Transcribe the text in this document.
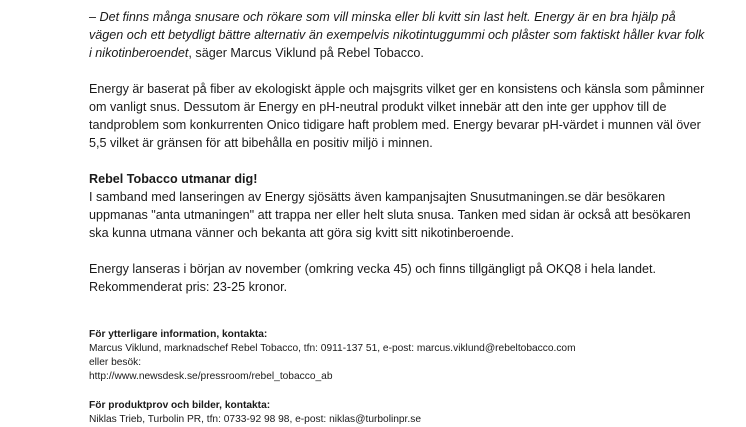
– Det finns många snusare och rökare som vill minska eller bli kvitt sin last helt. Energy är en bra hjälp på vägen och ett betydligt bättre alternativ än exempelvis nikotintuggummi och plåster som faktiskt håller kvar folk i nikotinberoendet, säger Marcus Viklund på Rebel Tobacco.

Energy är baserat på fiber av ekologiskt äpple och majsgrits vilket ger en konsistens och känsla som påminner om vanligt snus. Dessutom är Energy en pH-neutral produkt vilket innebär att den inte ger upphov till de tandproblem som konkurrenten Onico tidigare haft problem med. Energy bevarar pH-värdet i munnen väl över 5,5 vilket är gränsen för att bibehålla en positiv miljö i minnen.

Rebel Tobacco utmanar dig!

I samband med lanseringen av Energy sjösätts även kampanjsajten Snusutmaningen.se där besökaren uppmanas "anta utmaningen" att trappa ner eller helt sluta snusa. Tanken med sidan är också att besökaren ska kunna utmana vänner och bekanta att göra sig kvitt sitt nikotinberoende.

Energy lanseras i början av november (omkring vecka 45) och finns tillgängligt på OKQ8 i hela landet. Rekommenderat pris: 23-25 kronor.

För ytterligare information, kontakta:

Marcus Viklund, marknadschef Rebel Tobacco, tfn: 0911-137 51, e-post: marcus.viklund@rebeltobacco.com

eller besök:

http://www.newsdesk.se/pressroom/rebel_tobacco_ab

För produktprov och bilder, kontakta:

Niklas Trieb, Turbolin PR, tfn: 0733-92 98 98, e-post: niklas@turbolinpr.se
